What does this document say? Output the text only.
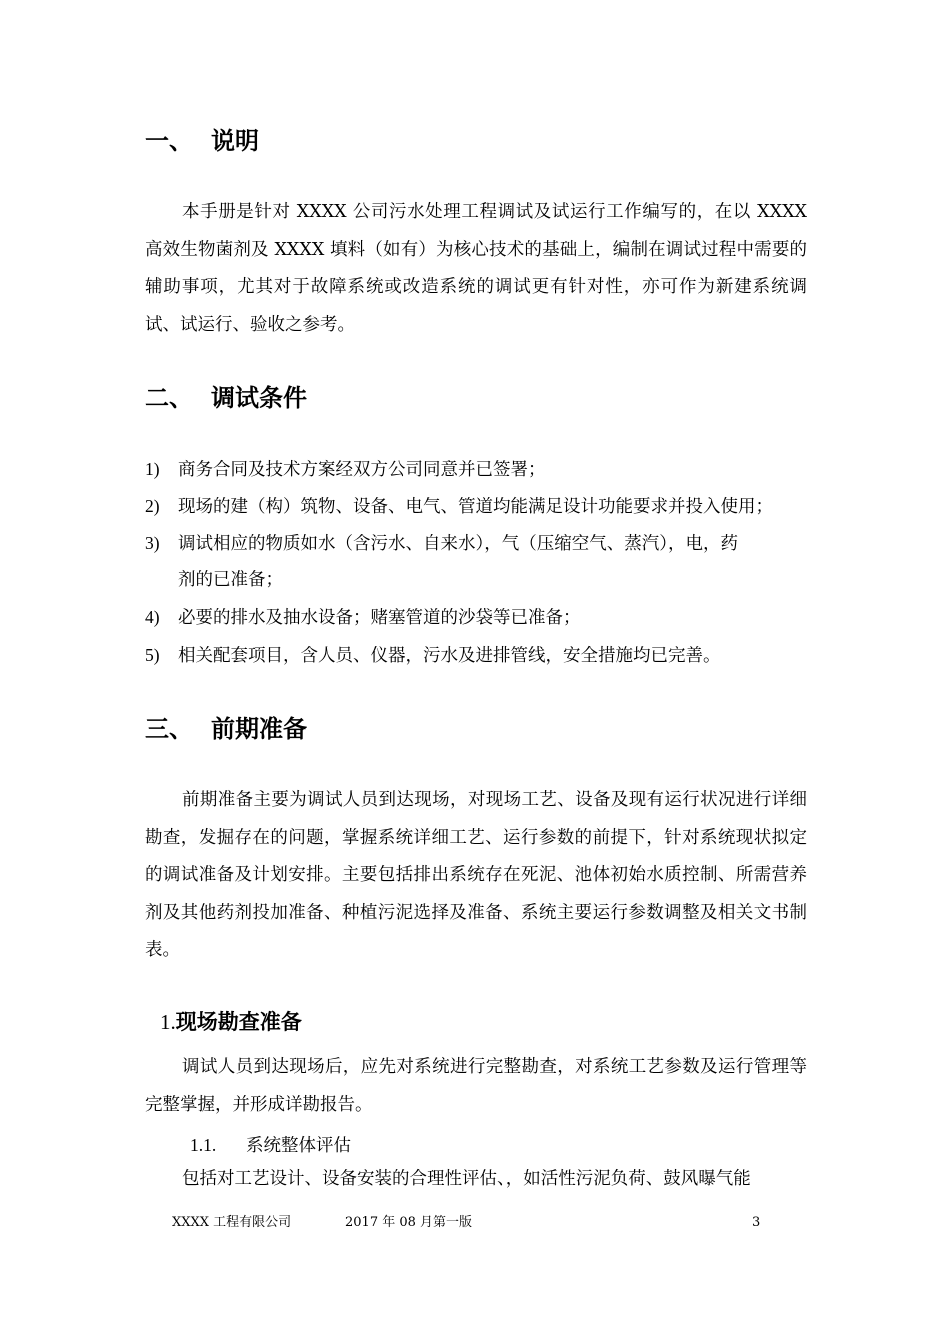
一、 说明

本手册是针对 XXXX 公司污水处理工程调试及试运行工作编写的，在以 XXXX 高效生物菌剂及 XXXX 填料（如有）为核心技术的基础上，编制在调试过程中需要的辅助事项，尤其对于故障系统或改造系统的调试更有针对性，亦可作为新建系统调试、试运行、验收之参考。

二、 调试条件
1) 商务合同及技术方案经双方公司同意并已签署；
2) 现场的建（构）筑物、设备、电气、管道均能满足设计功能要求并投入使用；
3) 调试相应的物质如水（含污水、自来水），气（压缩空气、蒸汽），电，药
剂的已准备；
4) 必要的排水及抽水设备；赌塞管道的沙袋等已准备；
5) 相关配套项目，含人员、仪器，污水及进排管线，安全措施均已完善。
三、 前期准备

前期准备主要为调试人员到达现场，对现场工艺、设备及现有运行状况进行详细勘查，发掘存在的问题，掌握系统详细工艺、运行参数的前提下，针对系统现状拟定的调试准备及计划安排。主要包括排出系统存在死泥、池体初始水质控制、所需营养剂及其他药剂投加准备、种植污泥选择及准备、系统主要运行参数调整及相关文书制表。

1.现场勘查准备

调试人员到达现场后，应先对系统进行完整勘查，对系统工艺参数及运行管理等完整掌握，并形成详勘报告。

1.1. 系统整体评估

包括对工艺设计、设备安装的合理性评估、，如活性污泥负荷、鼓风曝气能

XXXX 工程有限公司	2017 年 08 月第一版	3
